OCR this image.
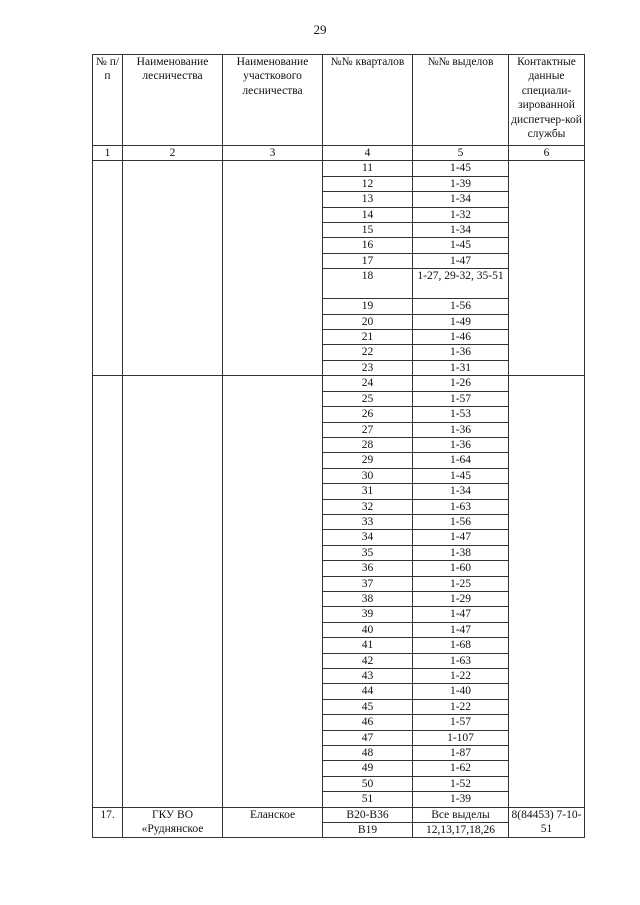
29
№ п/п	Наименование лесничества	Наименование участкового лесничества	№№ кварталов	№№ выделов	Контактные данные специали-зированной диспетчер-кой службы
1	2	3	4	5	6
			11	1-45	
			12	1-39	
			13	1-34	
			14	1-32	
			15	1-34	
			16	1-45	
			17	1-47	
			18	1-27, 29-32, 35-51	
			19	1-56	
			20	1-49	
			21	1-46	
			22	1-36	
			23	1-31	
			24	1-26	
			25	1-57	
			26	1-53	
			27	1-36	
			28	1-36	
			29	1-64	
			30	1-45	
			31	1-34	
			32	1-63	
			33	1-56	
			34	1-47	
			35	1-38	
			36	1-60	
			37	1-25	
			38	1-29	
			39	1-47	
			40	1-47	
			41	1-68	
			42	1-63	
			43	1-22	
			44	1-40	
			45	1-22	
			46	1-57	
			47	1-107	
			48	1-87	
			49	1-62	
			50	1-52	
			51	1-39	
17.	ГКУ ВО «Руднянское	Еланское	В20-В36	Все выделы	8(84453) 7-10-51
			В19	12,13,17,18,26	
